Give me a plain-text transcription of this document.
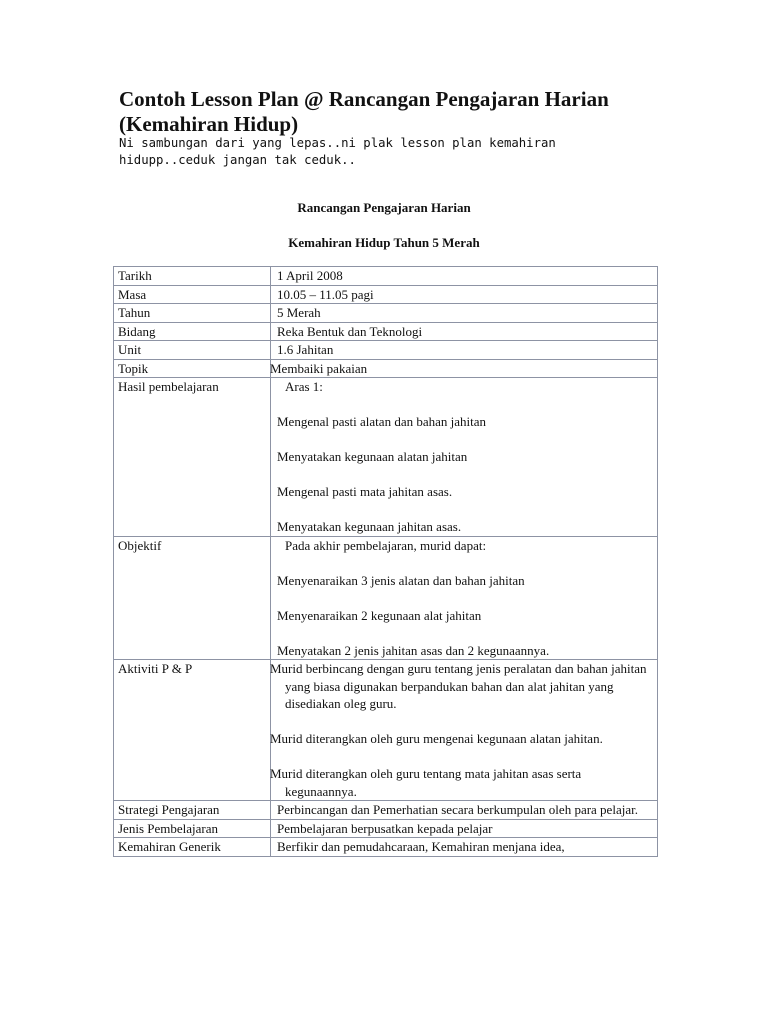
Contoh Lesson Plan @ Rancangan Pengajaran Harian (Kemahiran Hidup)

Ni sambungan dari yang lepas..ni plak lesson plan kemahiran hidupp..ceduk jangan tak ceduk..

Rancangan Pengajaran Harian

Kemahiran Hidup Tahun 5 Merah

Tarikh	1 April 2008
Masa	10.05 – 11.05 pagi
Tahun	5 Merah
Bidang	Reka Bentuk dan Teknologi
Unit	1.6 Jahitan
Topik	Membaiki pakaian
Hasil pembelajaran	Aras 1:

Mengenal pasti alatan dan bahan jahitan

Menyatakan kegunaan alatan jahitan

Mengenal pasti mata jahitan asas.

Menyatakan kegunaan jahitan asas.

Objektif	Pada akhir pembelajaran, murid dapat:

Menyenaraikan 3 jenis alatan dan bahan jahitan

Menyenaraikan 2 kegunaan alat jahitan

Menyatakan 2 jenis jahitan asas dan 2 kegunaannya.

Aktiviti P & P	Murid berbincang dengan guru tentang jenis peralatan dan bahan jahitan yang biasa digunakan berpandukan bahan dan alat jahitan yang disediakan oleg guru.

Murid diterangkan oleh guru mengenai kegunaan alatan jahitan.

Murid diterangkan oleh guru tentang mata jahitan asas serta kegunaannya.

Strategi Pengajaran	Perbincangan dan Pemerhatian secara berkumpulan oleh para pelajar.
Jenis Pembelajaran	Pembelajaran berpusatkan kepada pelajar
Kemahiran Generik	Berfikir dan pemudahcaraan, Kemahiran menjana idea,
